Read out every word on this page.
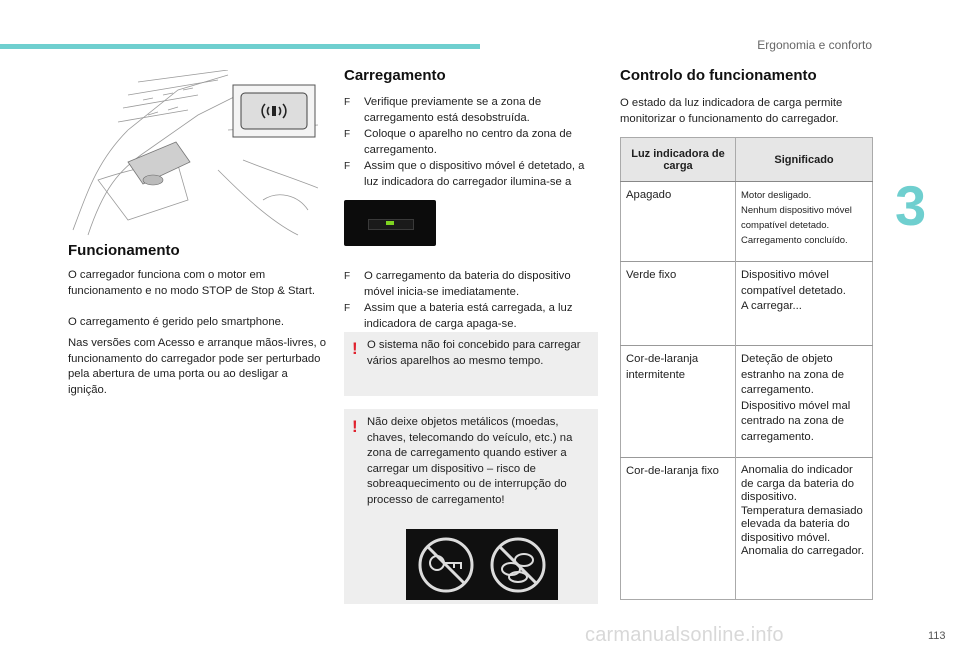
Ergonomia e conforto
3
113
Funcionamento

O carregador funciona com o motor em funcionamento e no modo STOP de Stop & Start.

O carregamento é gerido pelo smartphone.

Nas versões com Acesso e arranque mãos-livres, o funcionamento do carregador pode ser perturbado pela abertura de uma porta ou ao desligar a ignição.

Carregamento
F Verifique previamente se a zona de carregamento está desobstruída.
F Coloque o aparelho no centro da zona de carregamento.
F Assim que o dispositivo móvel é detetado, a luz indicadora do carregador ilumina-se a
F O carregamento da bateria do dispositivo móvel inicia-se imediatamente.
F Assim que a bateria está carregada, a luz indicadora de carga apaga-se.
! O sistema não foi concebido para carregar vários aparelhos ao mesmo tempo.

! Não deixe objetos metálicos (moedas, chaves, telecomando do veículo, etc.) na zona de carregamento quando estiver a carregar um dispositivo – risco de sobreaquecimento ou de interrupção do processo de carregamento!

Controlo do funcionamento

O estado da luz indicadora de carga permite monitorizar o funcionamento do carregador.

Luz indicadora de carga	Significado
Apagado	Motor desligado.
Nenhum dispositivo móvel compatível detetado.
Carregamento concluído.
Verde fixo	Dispositivo móvel compatível detetado.
A carregar...
Cor-de-laranja intermitente	Deteção de objeto estranho na zona de carregamento.
Dispositivo móvel mal centrado na zona de carregamento.
Cor-de-laranja fixo	Anomalia do indicador de carga da bateria do dispositivo.
Temperatura demasiado elevada da bateria do dispositivo móvel.
Anomalia do carregador.
carmanualsonline.info
